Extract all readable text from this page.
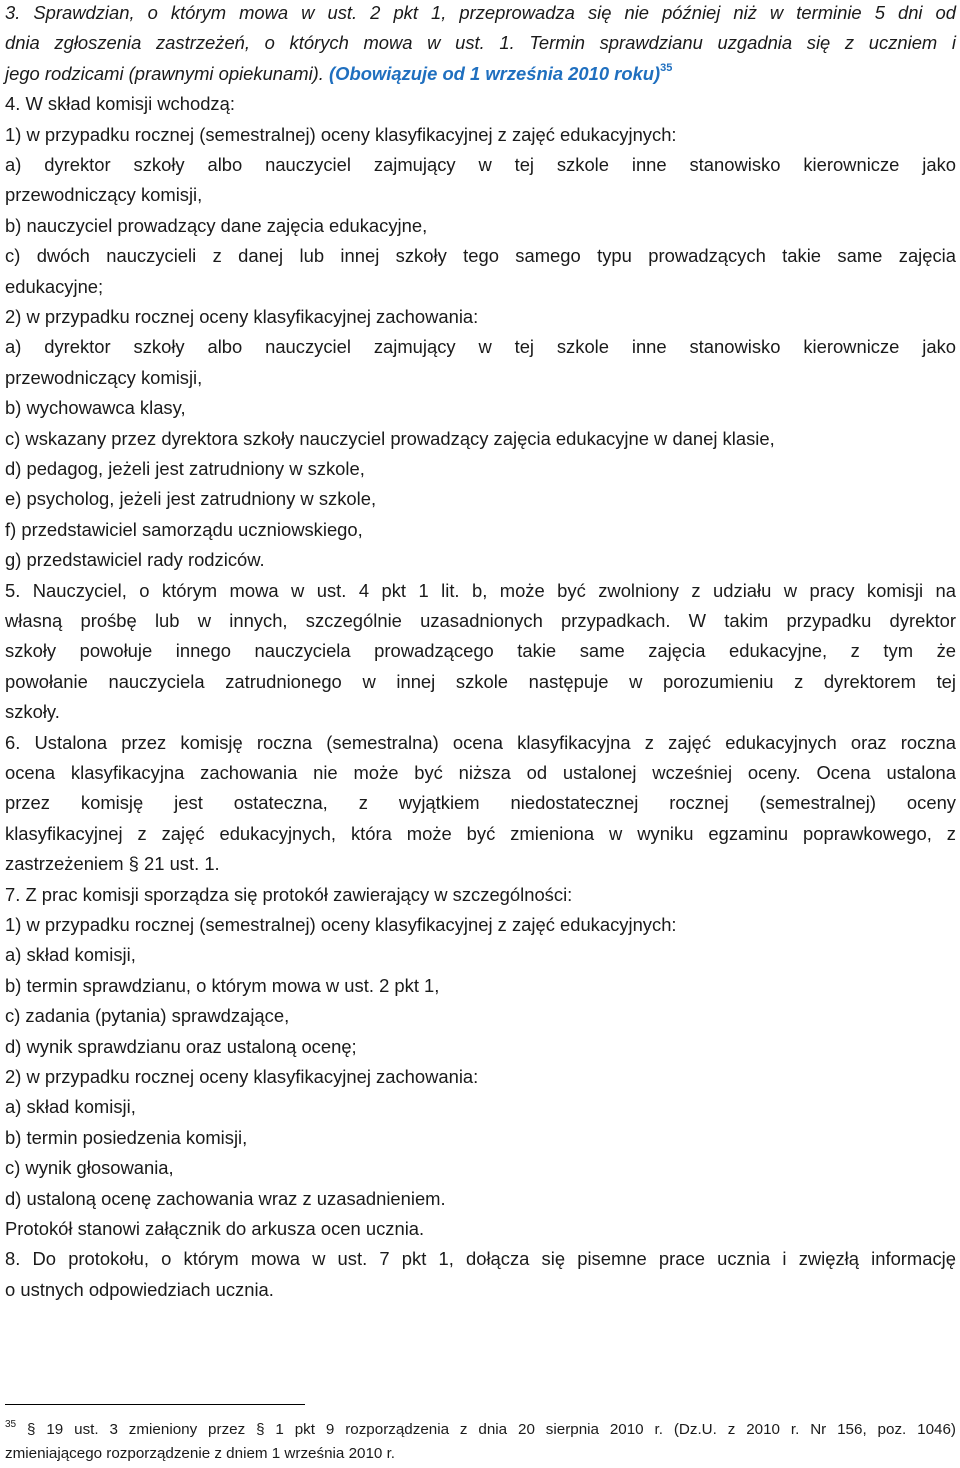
3. Sprawdzian, o którym mowa w ust. 2 pkt 1, przeprowadza się nie później niż w terminie 5 dni od
dnia zgłoszenia zastrzeżeń, o których mowa w ust. 1. Termin sprawdzianu uzgadnia się z uczniem i
jego rodzicami (prawnymi opiekunami). (Obowiązuje od 1 września 2010 roku)$^{35}$
4. W skład komisji wchodzą:
1) w przypadku rocznej (semestralnej) oceny klasyfikacyjnej z zajęć edukacyjnych:
a) dyrektor szkoły albo nauczyciel zajmujący w tej szkole inne stanowisko kierownicze jako
przewodniczący komisji,
b) nauczyciel prowadzący dane zajęcia edukacyjne,
c) dwóch nauczycieli z danej lub innej szkoły tego samego typu prowadzących takie same zajęcia
edukacyjne;
2) w przypadku rocznej oceny klasyfikacyjnej zachowania:
a) dyrektor szkoły albo nauczyciel zajmujący w tej szkole inne stanowisko kierownicze jako
przewodniczący komisji,
b) wychowawca klasy,
c) wskazany przez dyrektora szkoły nauczyciel prowadzący zajęcia edukacyjne w danej klasie,
d) pedagog, jeżeli jest zatrudniony w szkole,
e) psycholog, jeżeli jest zatrudniony w szkole,
f) przedstawiciel samorządu uczniowskiego,
g) przedstawiciel rady rodziców.
5. Nauczyciel, o którym mowa w ust. 4 pkt 1 lit. b, może być zwolniony z udziału w pracy komisji na
własną prośbę lub w innych, szczególnie uzasadnionych przypadkach. W takim przypadku dyrektor
szkoły powołuje innego nauczyciela prowadzącego takie same zajęcia edukacyjne, z tym że
powołanie nauczyciela zatrudnionego w innej szkole następuje w porozumieniu z dyrektorem tej
szkoły.
6. Ustalona przez komisję roczna (semestralna) ocena klasyfikacyjna z zajęć edukacyjnych oraz roczna
ocena klasyfikacyjna zachowania nie może być niższa od ustalonej wcześniej oceny. Ocena ustalona
przez komisję jest ostateczna, z wyjątkiem niedostatecznej rocznej (semestralnej) oceny
klasyfikacyjnej z zajęć edukacyjnych, która może być zmieniona w wyniku egzaminu poprawkowego, z
zastrzeżeniem § 21 ust. 1.
7. Z prac komisji sporządza się protokół zawierający w szczególności:
1) w przypadku rocznej (semestralnej) oceny klasyfikacyjnej z zajęć edukacyjnych:
a) skład komisji,
b) termin sprawdzianu, o którym mowa w ust. 2 pkt 1,
c) zadania (pytania) sprawdzające,
d) wynik sprawdzianu oraz ustaloną ocenę;
2) w przypadku rocznej oceny klasyfikacyjnej zachowania:
a) skład komisji,
b) termin posiedzenia komisji,
c) wynik głosowania,
d) ustaloną ocenę zachowania wraz z uzasadnieniem.
Protokół stanowi załącznik do arkusza ocen ucznia.
8. Do protokołu, o którym mowa w ust. 7 pkt 1, dołącza się pisemne prace ucznia i zwięzłą informację
o ustnych odpowiedziach ucznia.
$^{35}$ § 19 ust. 3 zmieniony przez § 1 pkt 9 rozporządzenia z dnia 20 sierpnia 2010 r. (Dz.U. z 2010 r. Nr 156, poz. 1046)
zmieniającego rozporządzenie z dniem 1 września 2010 r.
